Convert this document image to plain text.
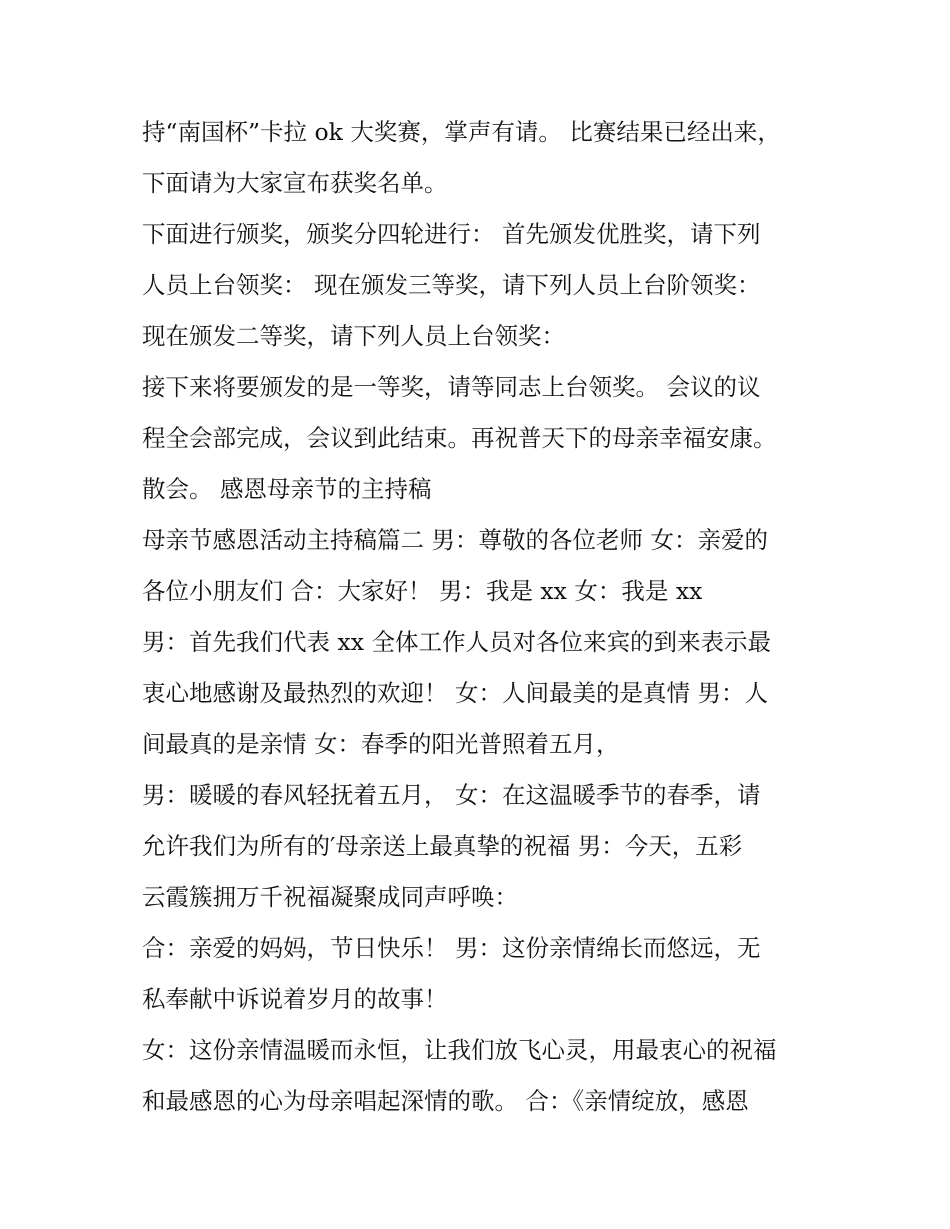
持“南国杯”卡拉 ok 大奖赛，掌声有请。 比赛结果已经出来，
下面请为大家宣布获奖名单。
下面进行颁奖，颁奖分四轮进行： 首先颁发优胜奖，请下列
人员上台领奖： 现在颁发三等奖，请下列人员上台阶领奖：
现在颁发二等奖，请下列人员上台领奖：
接下来将要颁发的是一等奖，请等同志上台领奖。 会议的议
程全会部完成，会议到此结束。再祝普天下的母亲幸福安康。
散会。 感恩母亲节的主持稿
母亲节感恩活动主持稿篇二 男：尊敬的各位老师 女：亲爱的
各位小朋友们 合：大家好！ 男：我是 xx 女：我是 xx
男：首先我们代表 xx 全体工作人员对各位来宾的到来表示最
衷心地感谢及最热烈的欢迎！ 女：人间最美的是真情 男：人
间最真的是亲情 女：春季的阳光普照着五月，
男：暖暖的春风轻抚着五月， 女：在这温暖季节的春季，请
允许我们为所有的′母亲送上最真挚的祝福 男：今天，五彩
云霞簇拥万千祝福凝聚成同声呼唤：
合：亲爱的妈妈，节日快乐！ 男：这份亲情绵长而悠远，无
私奉献中诉说着岁月的故事！
女：这份亲情温暖而永恒，让我们放飞心灵，用最衷心的祝福
和最感恩的心为母亲唱起深情的歌。 合：《亲情绽放，感恩
